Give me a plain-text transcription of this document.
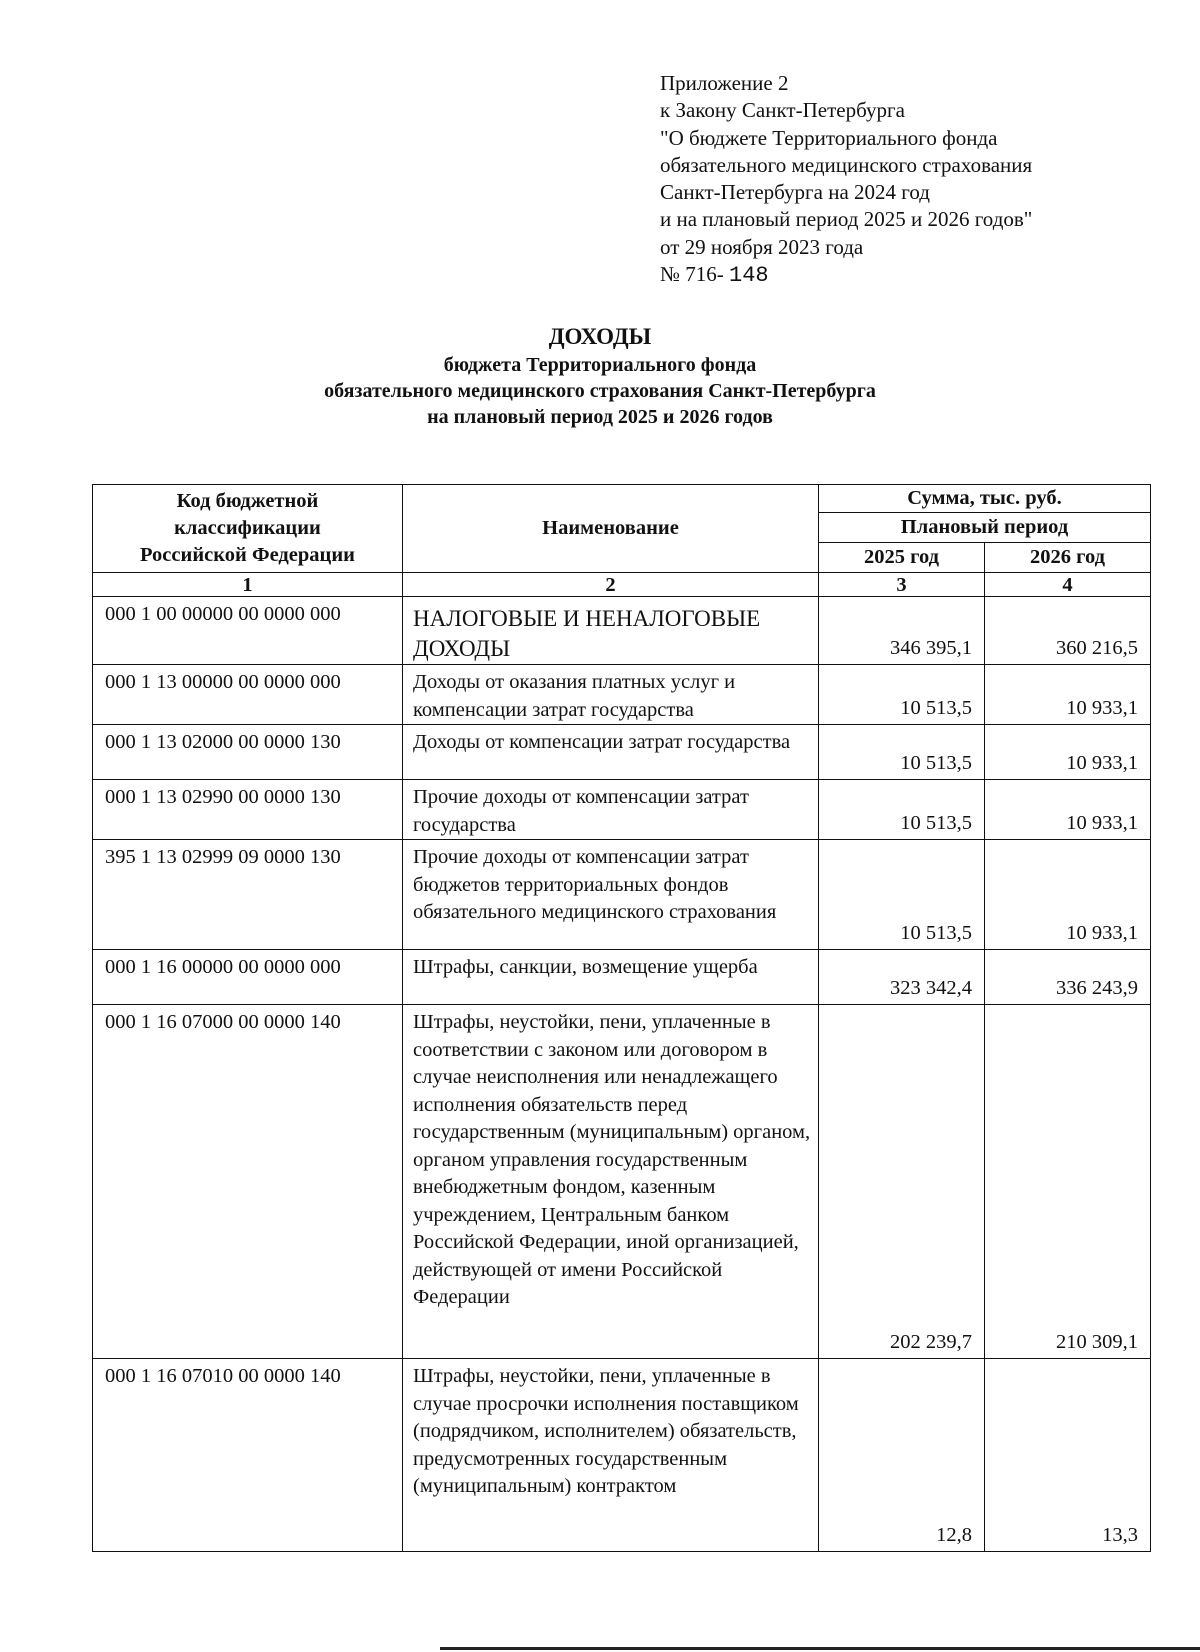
Приложение 2
к Закону Санкт-Петербурга
"О бюджете Территориального фонда
обязательного медицинского страхования
Санкт-Петербурга на 2024 год
и на плановый период 2025 и 2026 годов"
от 29 ноября 2023 года
№ 716- 148
ДОХОДЫ
бюджета Территориального фонда
обязательного медицинского страхования Санкт-Петербурга
на плановый период 2025 и 2026 годов
Код бюджетной
классификации
Российской Федерации	Наименование	Сумма, тыс. руб.	
		Плановый период	
		2025 год	2026 год
1	2	3	4
000 1 00 00000 00 0000 000	НАЛОГОВЫЕ И НЕНАЛОГОВЫЕ ДОХОДЫ	346 395,1	360 216,5
000 1 13 00000 00 0000 000	Доходы от оказания платных услуг и компенсации затрат государства	10 513,5	10 933,1
000 1 13 02000 00 0000 130	Доходы от компенсации затрат государства	10 513,5	10 933,1
000 1 13 02990 00 0000 130	Прочие доходы от компенсации затрат государства	10 513,5	10 933,1
395 1 13 02999 09 0000 130	Прочие доходы от компенсации затрат бюджетов территориальных фондов обязательного медицинского страхования	10 513,5	10 933,1
000 1 16 00000 00 0000 000	Штрафы, санкции, возмещение ущерба	323 342,4	336 243,9
000 1 16 07000 00 0000 140	Штрафы, неустойки, пени, уплаченные в соответствии с законом или договором в случае неисполнения или ненадлежащего исполнения обязательств перед государственным (муниципальным) органом, органом управления государственным внебюджетным фондом, казенным учреждением, Центральным банком Российской Федерации, иной организацией, действующей от имени Российской Федерации	202 239,7	210 309,1
000 1 16 07010 00 0000 140	Штрафы, неустойки, пени, уплаченные в случае просрочки исполнения поставщиком (подрядчиком, исполнителем) обязательств, предусмотренных государственным (муниципальным) контрактом	12,8	13,3
